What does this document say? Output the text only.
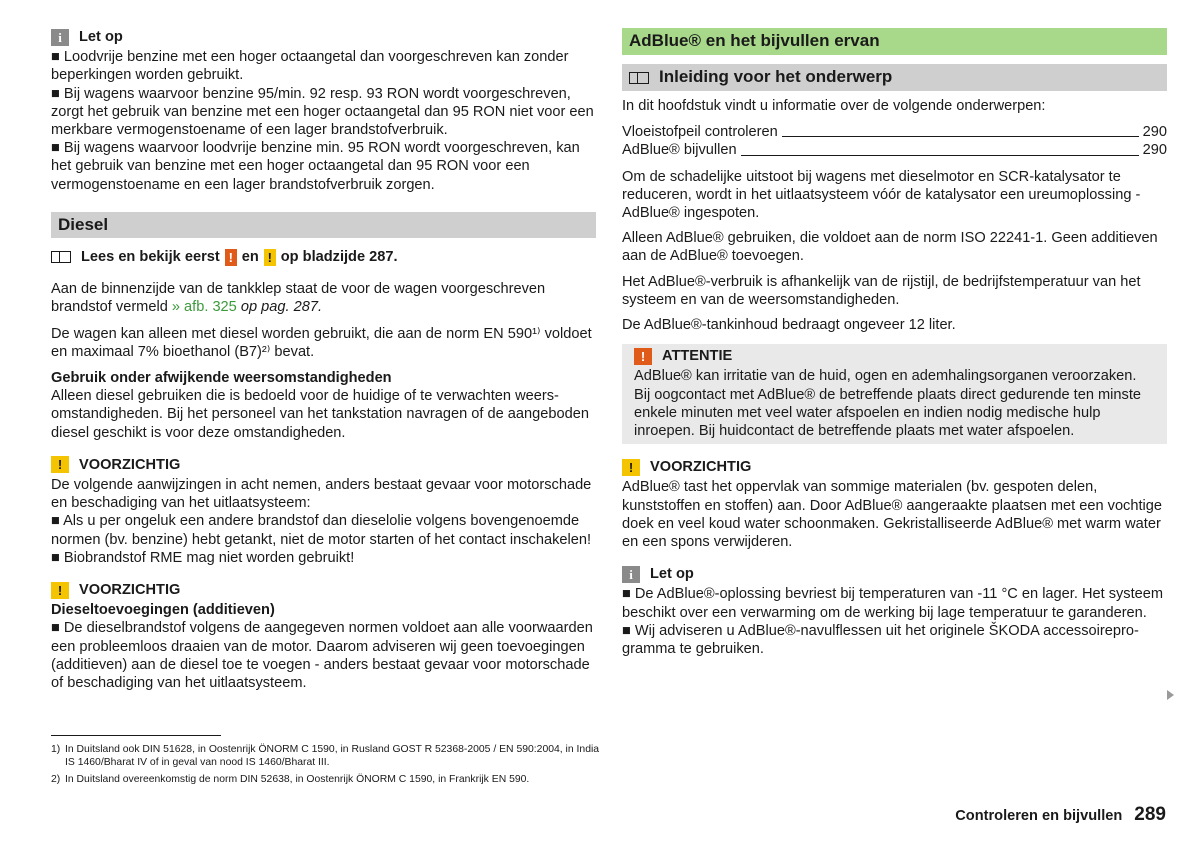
i	Let op

■ Loodvrije benzine met een hoger octaangetal dan voorgeschreven kan zonder beperkingen worden gebruikt.

■ Bij wagens waarvoor benzine 95/min. 92 resp. 93 RON wordt voorgeschreven, zorgt het gebruik van benzine met een hoger octaangetal dan 95 RON niet voor een merkbare vermogenstoename of een lager brandstofverbruik.

■ Bij wagens waarvoor loodvrije benzine min. 95 RON wordt voorgeschreven, kan het gebruik van benzine met een hoger octaangetal dan 95 RON voor een vermogenstoename en een lager brandstofverbruik zorgen.

Diesel
Lees en bekijk eerst ! en ! op bladzijde 287.

Aan de binnenzijde van de tankklep staat de voor de wagen voorgeschreven brandstof vermeld » afb. 325 op pag. 287.

De wagen kan alleen met diesel worden gebruikt, die aan de norm EN 590¹⁾ voldoet en maximaal 7% bioethanol (B7)²⁾ bevat.

Gebruik onder afwijkende weersomstandigheden

Alleen diesel gebruiken die is bedoeld voor de huidige of te verwachten weersomstandigheden. Bij het personeel van het tankstation navragen of de aangeboden diesel geschikt is voor deze omstandigheden.

!	VOORZICHTIG

De volgende aanwijzingen in acht nemen, anders bestaat gevaar voor motorschade en beschadiging van het uitlaatsysteem:

■ Als u per ongeluk een andere brandstof dan dieselolie volgens bovengenoemde normen (bv. benzine) hebt getankt, niet de motor starten of het contact inschakelen!

■ Biobrandstof RME mag niet worden gebruikt!

!	VOORZICHTIG

Dieseltoevoegingen (additieven)

■ De dieselbrandstof volgens de aangegeven normen voldoet aan alle voorwaarden een probleemloos draaien van de motor. Daarom adviseren wij geen toevoegingen (additieven) aan de diesel toe te voegen - anders bestaat gevaar voor motorschade of beschadiging van het uitlaatsysteem.

AdBlue® en het bijvullen ervan
Inleiding voor het onderwerp

In dit hoofdstuk vindt u informatie over de volgende onderwerpen:

Vloeistofpeil controleren	290
AdBlue® bijvullen	290

Om de schadelijke uitstoot bij wagens met dieselmotor en SCR-katalysator te reduceren, wordt in het uitlaatsysteem vóór de katalysator een ureumoplossing - AdBlue® ingespoten.

Alleen AdBlue® gebruiken, die voldoet aan de norm ISO 22241-1. Geen additieven aan de AdBlue® toevoegen.

Het AdBlue®-verbruik is afhankelijk van de rijstijl, de bedrijfstemperatuur van het systeem en van de weersomstandigheden.

De AdBlue®-tankinhoud bedraagt ongeveer 12 liter.

!	ATTENTIE

AdBlue® kan irritatie van de huid, ogen en ademhalingsorganen veroorzaken. Bij oogcontact met AdBlue® de betreffende plaats direct gedurende ten minste enkele minuten met veel water afspoelen en indien nodig medische hulp inroepen. Bij huidcontact de betreffende plaats met water afspoelen.

!	VOORZICHTIG

AdBlue® tast het oppervlak van sommige materialen (bv. gespoten delen, kunststoffen en stoffen) aan. Door AdBlue® aangeraakte plaatsen met een vochtige doek en veel koud water schoonmaken. Gekristalliseerde AdBlue® met warm water en een spons verwijderen.

i	Let op

■ De AdBlue®-oplossing bevriest bij temperaturen van -11 °C en lager. Het systeem beschikt over een verwarming om de werking bij lage temperatuur te garanderen.

■ Wij adviseren u AdBlue®-navulflessen uit het originele ŠKODA accessoireprogramma te gebruiken.

1) In Duitsland ook DIN 51628, in Oostenrijk ÖNORM C 1590, in Rusland GOST R 52368-2005 / EN 590:2004, in India IS 1460/Bharat IV of in geval van nood IS 1460/Bharat III.
2) In Duitsland overeenkomstig de norm DIN 52638, in Oostenrijk ÖNORM C 1590, in Frankrijk EN 590.
Controleren en bijvullen 289
